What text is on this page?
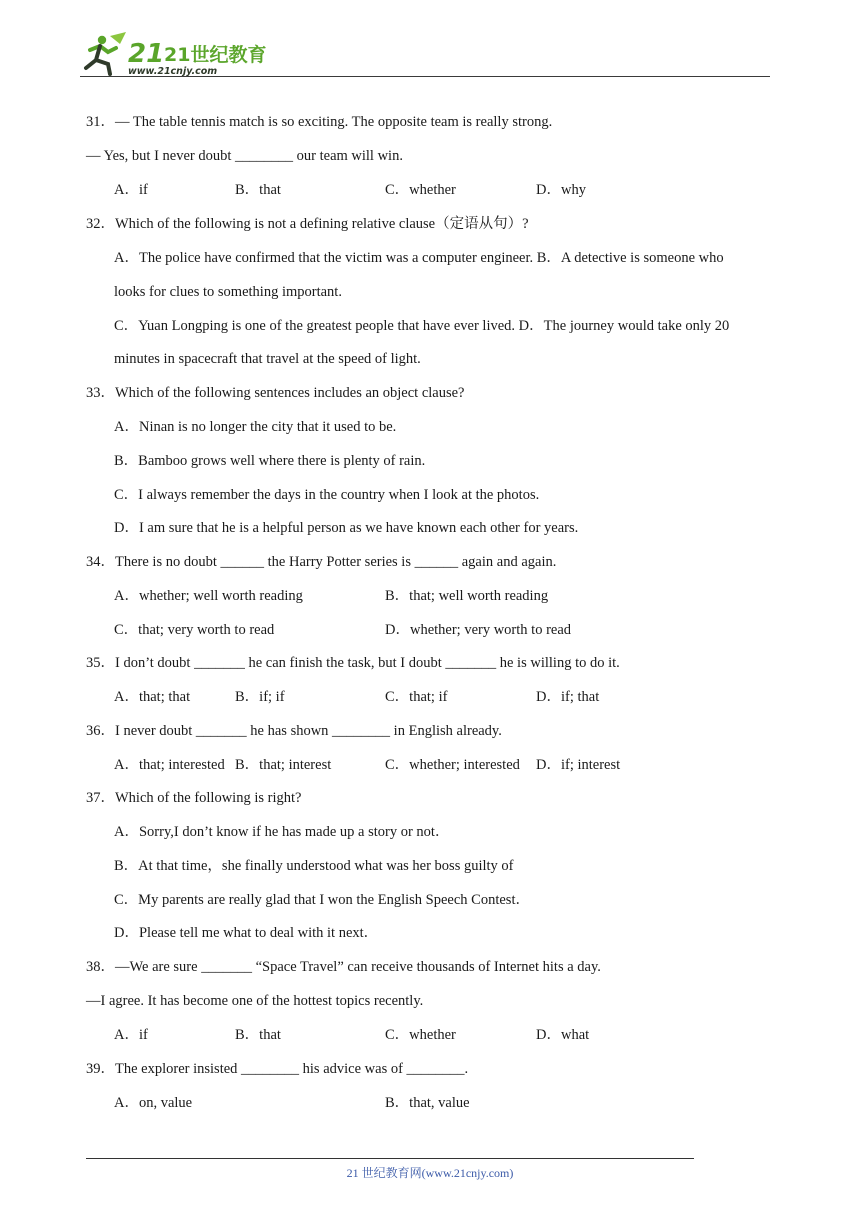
21 21世纪教育
www.21cnjy.com
31．— The table tennis match is so exciting. The opposite team is really strong.
— Yes, but I never doubt ________ our team will win.
A．if	B．that	C．whether	D．why
32．Which of the following is not a defining relative clause（定语从句）?
A．The police have confirmed that the victim was a computer engineer. B．A detective is someone who
looks for clues to something important.
C．Yuan Longping is one of the greatest people that have ever lived. D．The journey would take only 20
minutes in spacecraft that travel at the speed of light.
33．Which of the following sentences includes an object clause?
A．Ninan is no longer the city that it used to be.
B．Bamboo grows well where there is plenty of rain.
C．I always remember the days in the country when I look at the photos.
D．I am sure that he is a helpful person as we have known each other for years.
34．There is no doubt ______ the Harry Potter series is ______ again and again.
A．whether; well worth reading	B．that; well worth reading
C．that; very worth to read	D．whether; very worth to read
35．I don’t doubt _______ he can finish the task, but I doubt _______ he is willing to do it.
A．that; that	B．if; if	C．that; if	D．if; that
36．I never doubt _______ he has shown ________ in English already.
A．that; interested B．that; interest	C．whether; interested D．if; interest
37．Which of the following is right?
A．Sorry,I don’t know if he has made up a story or not．
B．At that time，she finally understood what was her boss guilty of
C．My parents are really glad that I won the English Speech Contest．
D．Please tell me what to deal with it next．
38．—We are sure _______ “Space Travel” can receive thousands of Internet hits a day.
—I agree. It has become one of the hottest topics recently.
A．if	B．that	C．whether	D．what
39．The explorer insisted ________ his advice was of ________.
A．on, value	B．that, value
21 世纪教育网(www.21cnjy.com)
